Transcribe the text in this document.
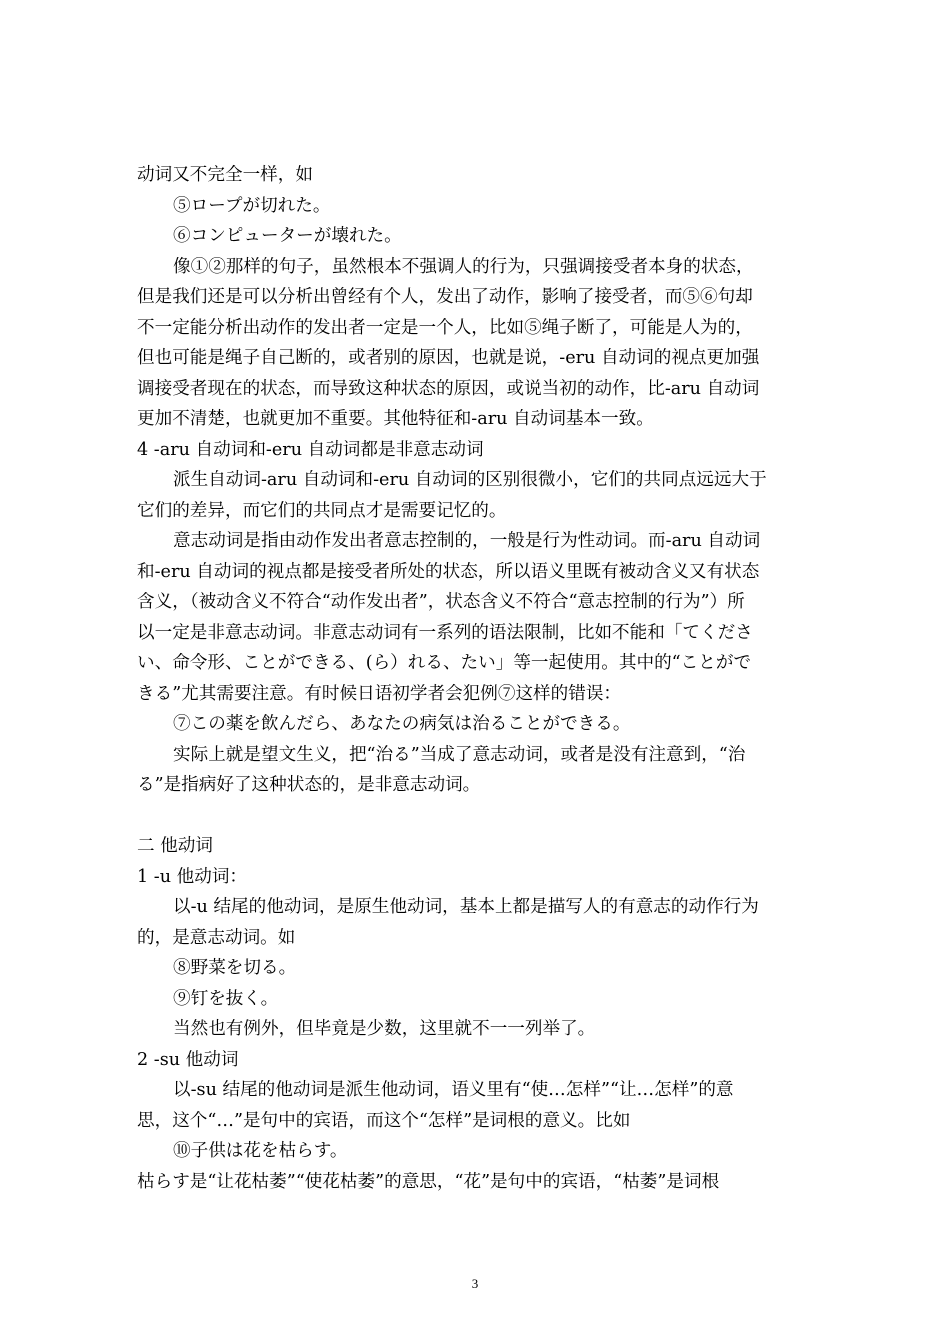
动词又不完全一样，如
⑤ロープが切れた。
⑥コンピューターが壊れた。
像①②那样的句子，虽然根本不强调人的行为，只强调接受者本身的状态，
但是我们还是可以分析出曾经有个人，发出了动作，影响了接受者，而⑤⑥句却
不一定能分析出动作的发出者一定是一个人，比如⑤绳子断了，可能是人为的，
但也可能是绳子自己断的，或者别的原因，也就是说，-eru 自动词的视点更加强
调接受者现在的状态，而导致这种状态的原因，或说当初的动作，比-aru 自动词
更加不清楚，也就更加不重要。其他特征和-aru 自动词基本一致。
4 -aru 自动词和-eru 自动词都是非意志动词
派生自动词-aru 自动词和-eru 自动词的区别很微小，它们的共同点远远大于
它们的差异，而它们的共同点才是需要记忆的。
意志动词是指由动作发出者意志控制的，一般是行为性动词。而-aru 自动词
和-eru 自动词的视点都是接受者所处的状态，所以语义里既有被动含义又有状态
含义，（被动含义不符合“动作发出者”，状态含义不符合“意志控制的行为”）所
以一定是非意志动词。非意志动词有一系列的语法限制，比如不能和「てくださ
い、命令形、ことができる、(ら）れる、たい」等一起使用。其中的“ことがで
きる”尤其需要注意。有时候日语初学者会犯例⑦这样的错误：
⑦この薬を飲んだら、あなたの病気は治ることができる。
实际上就是望文生义，把“治る”当成了意志动词，或者是没有注意到，“治
る”是指病好了这种状态的，是非意志动词。
二 他动词
1 -u 他动词：
以-u 结尾的他动词，是原生他动词，基本上都是描写人的有意志的动作行为
的，是意志动词。如
⑧野菜を切る。
⑨钉を抜く。
当然也有例外，但毕竟是少数，这里就不一一列举了。
2 -su 他动词
以-su 结尾的他动词是派生他动词，语义里有“使…怎样”“让…怎样”的意
思，这个“…”是句中的宾语，而这个“怎样”是词根的意义。比如
⑩子供は花を枯らす。
枯らす是“让花枯萎”“使花枯萎”的意思，“花”是句中的宾语，“枯萎”是词根
3
